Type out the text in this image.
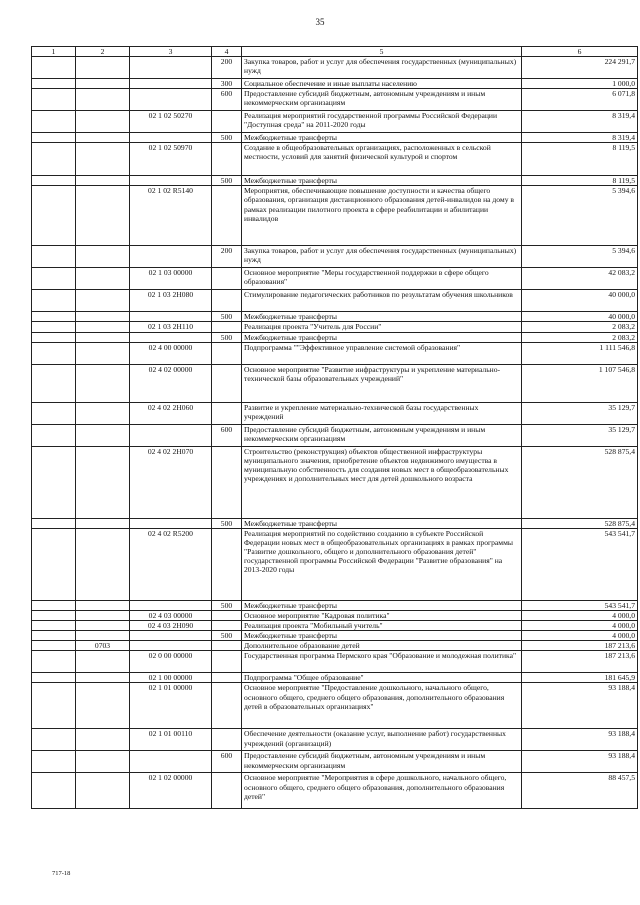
35
1	2	3	4	5	6
			200	Закупка товаров, работ и услуг для обеспечения государственных (муниципальных) нужд	224 291,7
			300	Социальное обеспечение и иные выплаты населению	1 000,0
			600	Предоставление субсидий бюджетным, автономным учреждениям и иным некоммерческим организациям	6 071,8
		02 1 02 50270		Реализация мероприятий государственной программы Российской Федерации "Доступная среда" на 2011-2020 годы	8 319,4
			500	Межбюджетные трансферты	8 319,4
		02 1 02 50970		Создание в общеобразовательных организациях, расположенных в сельской местности, условий для занятий физической культурой и спортом	8 119,5
			500	Межбюджетные трансферты	8 119,5
		02 1 02 R5140		Мероприятия, обеспечивающие повышение доступности и качества общего образования, организация дистанционного образования детей-инвалидов на дому в рамках реализации пилотного проекта в сфере реабилитации и абилитации инвалидов	5 394,6
			200	Закупка товаров, работ и услуг для обеспечения государственных (муниципальных) нужд	5 394,6
		02 1 03 00000		Основное мероприятие "Меры государственной поддержки в сфере общего образования"	42 083,2
		02 1 03 2Н080		Стимулирование педагогических работников по результатам обучения школьников	40 000,0
			500	Межбюджетные трансферты	40 000,0
		02 1 03 2Н110		Реализация проекта "Учитель для России"	2 083,2
			500	Межбюджетные трансферты	2 083,2
		02 4 00 00000		Подпрограмма ""Эффективное управление системой образования"	1 111 546,8
		02 4 02 00000		Основное мероприятие "Развитие инфраструктуры и укрепление материально-технической базы образовательных учреждений"	1 107 546,8
		02 4 02 2Н060		Развитие и укрепление материально-технической базы государственных учреждений	35 129,7
			600	Предоставление субсидий бюджетным, автономным учреждениям и иным некоммерческим организациям	35 129,7
		02 4 02 2Н070		Строительство (реконструкция) объектов общественной инфраструктуры муниципального значения, приобретение объектов недвижимого имущества в муниципальную собственность для создания новых мест в общеобразовательных учреждениях и дополнительных мест для детей дошкольного возраста	528 875,4
			500	Межбюджетные трансферты	528 875,4
		02 4 02 R5200		Реализация мероприятий по содействию созданию в субъекте Российской Федерации новых мест в общеобразовательных организациях в рамках программы "Развитие дошкольного, общего и дополнительного образования детей" государственной программы Российской Федерации "Развитие образования" на 2013-2020 годы	543 541,7
			500	Межбюджетные трансферты	543 541,7
		02 4 03 00000		Основное мероприятие "Кадровая политика"	4 000,0
		02 4 03 2Н090		Реализация проекта "Мобильный учитель"	4 000,0
			500	Межбюджетные трансферты	4 000,0
	0703			Дополнительное образование детей	187 213,6
		02 0 00 00000		Государственная программа Пермского края "Образование и молодежная политика"	187 213,6
		02 1 00 00000		Подпрограмма "Общее образование"	181 645,9
		02 1 01 00000		Основное мероприятие "Предоставление дошкольного, начального общего, основного общего, среднего общего образования, дополнительного образования детей в образовательных организациях"	93 188,4
		02 1 01 00110		Обеспечение деятельности (оказание услуг, выполнение работ) государственных учреждений (организаций)	93 188,4
			600	Предоставление субсидий бюджетным, автономным учреждениям и иным некоммерческим организациям	93 188,4
		02 1 02 00000		Основное мероприятие "Мероприятия в сфере дошкольного, начального общего, основного общего, среднего общего образования, дополнительного образования детей"	88 457,5
717-18
